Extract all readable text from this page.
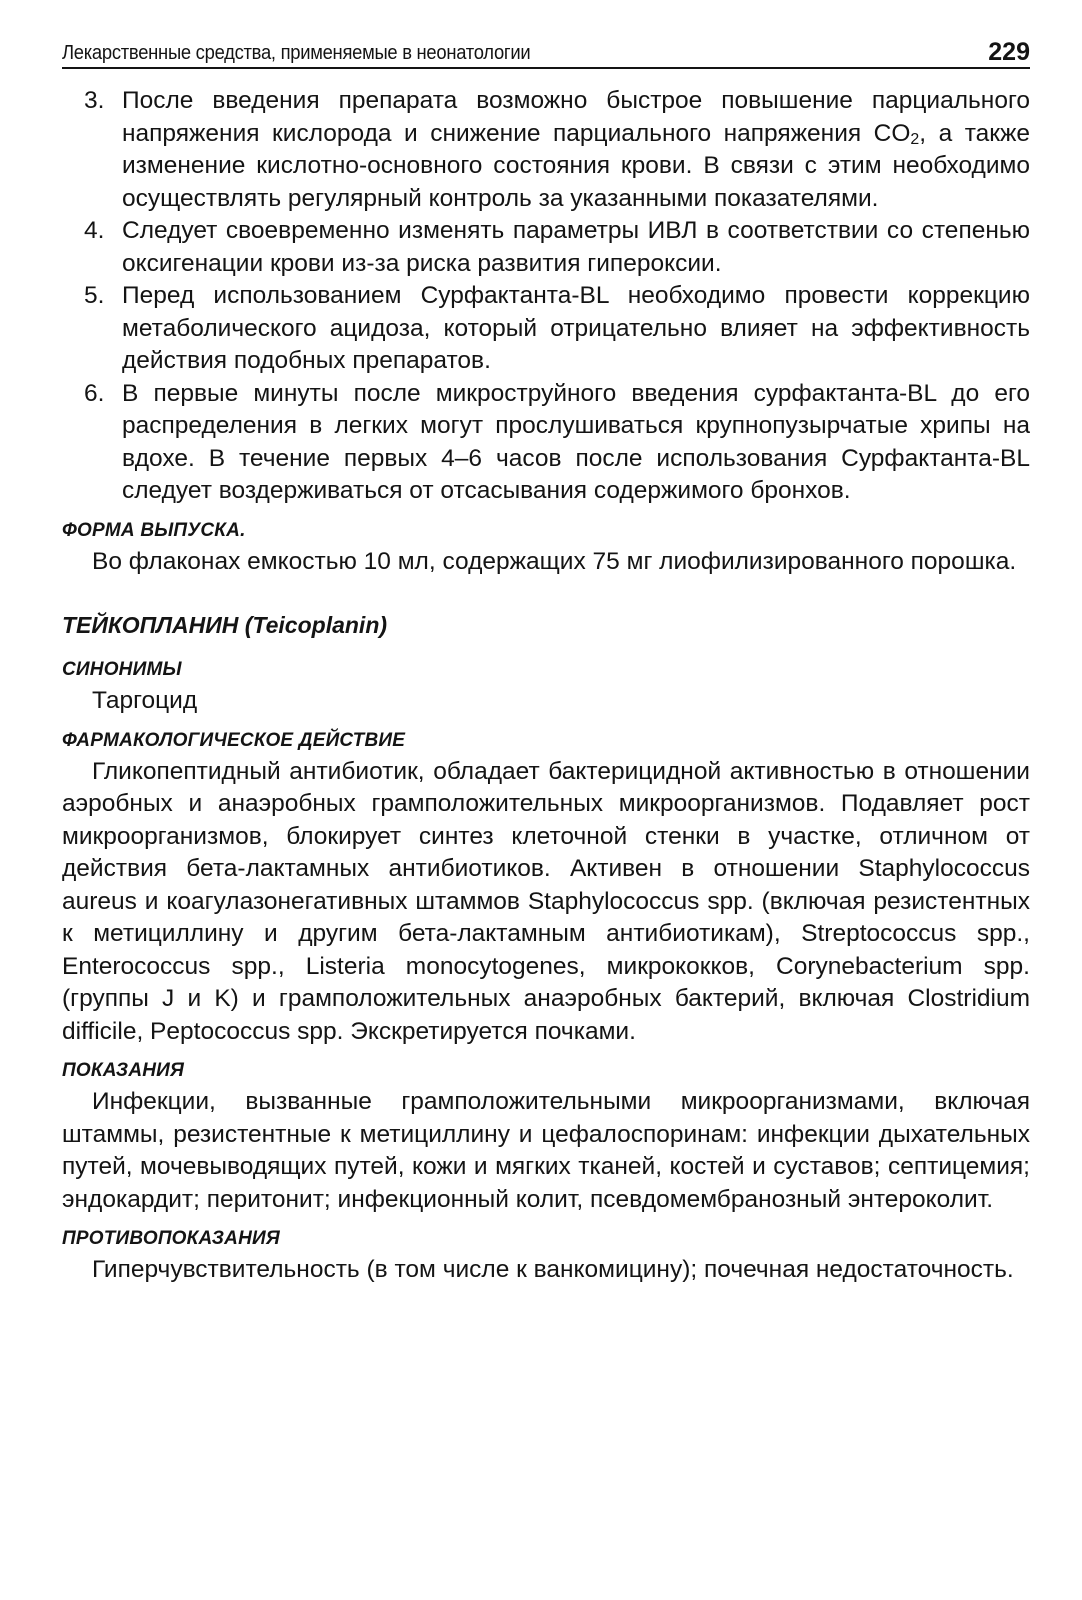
Лекарственные средства, применяемые в неонатологии	229
3. После введения препарата возможно быстрое повышение парциального напряжения кислорода и снижение парциального напряжения $CO_2$, а также изменение кислотно-основного состояния крови. В связи с этим необходимо осуществлять регулярный контроль за указанными показателями.
4. Следует своевременно изменять параметры ИВЛ в соответствии со степенью оксигенации крови из-за риска развития гипероксии.
5. Перед использованием Сурфактанта-BL необходимо провести коррекцию метаболического ацидоза, который отрицательно влияет на эффективность действия подобных препаратов.
6. В первые минуты после микроструйного введения сурфактанта-BL до его распределения в легких могут прослушиваться крупнопузырчатые хрипы на вдохе. В течение первых 4–6 часов после использования Сурфактанта-BL следует воздерживаться от отсасывания содержимого бронхов.
ФОРМА ВЫПУСКА.

Во флаконах емкостью 10 мл, содержащих 75 мг лиофилизированного порошка.

ТЕЙКОПЛАНИН (Teicoplanin)
СИНОНИМЫ

Таргоцид

ФАРМАКОЛОГИЧЕСКОЕ ДЕЙСТВИЕ

Гликопептидный антибиотик, обладает бактерицидной активностью в отношении аэробных и анаэробных грамположительных микроорганизмов. Подавляет рост микроорганизмов, блокирует синтез клеточной стенки в участке, отличном от действия бета-лактамных антибиотиков. Активен в отношении Staphylococcus aureus и коагулазонегативных штаммов Staphylococcus spp. (включая резистентных к метициллину и другим бета-лактамным антибиотикам), Streptococcus spp., Enterococcus spp., Listeria monocytogenes, микрококков, Corynebacterium spp. (группы J и K) и грамположительных анаэробных бактерий, включая Clostridium difficile, Peptococcus spp. Экскретируется почками.

ПОКАЗАНИЯ

Инфекции, вызванные грамположительными микроорганизмами, включая штаммы, резистентные к метициллину и цефалоспоринам: инфекции дыхательных путей, мочевыводящих путей, кожи и мягких тканей, костей и суставов; септицемия; эндокардит; перитонит; инфекционный колит, псевдомембранозный энтероколит.

ПРОТИВОПОКАЗАНИЯ

Гиперчувствительность (в том числе к ванкомицину); почечная недостаточность.
